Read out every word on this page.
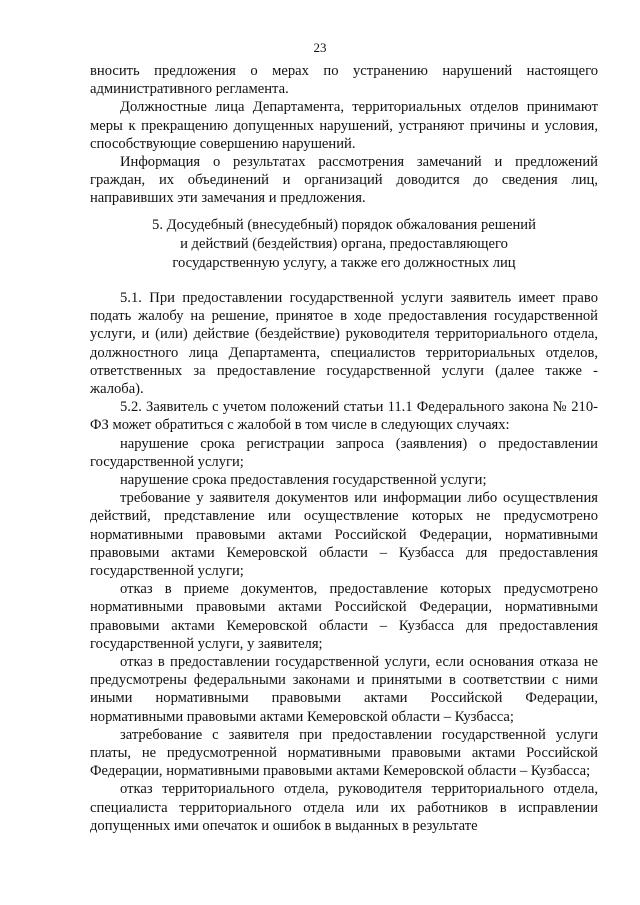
23

вносить предложения о мерах по устранению нарушений настоящего административного регламента.

Должностные лица Департамента, территориальных отделов принимают меры к прекращению допущенных нарушений, устраняют причины и условия, способствующие совершению нарушений.

Информация о результатах рассмотрения замечаний и предложений граждан, их объединений и организаций доводится до сведения лиц, направивших эти замечания и предложения.

5. Досудебный (внесудебный) порядок обжалования решений
и действий (бездействия) органа, предоставляющего
государственную услугу, а также его должностных лиц

5.1. При предоставлении государственной услуги заявитель имеет право подать жалобу на решение, принятое в ходе предоставления государственной услуги, и (или) действие (бездействие) руководителя территориального отдела, должностного лица Департамента, специалистов территориальных отделов, ответственных за предоставление государственной услуги (далее также - жалоба).

5.2. Заявитель с учетом положений статьи 11.1 Федерального закона № 210-ФЗ может обратиться с жалобой в том числе в следующих случаях:

нарушение срока регистрации запроса (заявления) о предоставлении государственной услуги;

нарушение срока предоставления государственной услуги;

требование у заявителя документов или информации либо осуществления действий, представление или осуществление которых не предусмотрено нормативными правовыми актами Российской Федерации, нормативными правовыми актами Кемеровской области – Кузбасса для предоставления государственной услуги;

отказ в приеме документов, предоставление которых предусмотрено нормативными правовыми актами Российской Федерации, нормативными правовыми актами Кемеровской области – Кузбасса для предоставления государственной услуги, у заявителя;

отказ в предоставлении государственной услуги, если основания отказа не предусмотрены федеральными законами и принятыми в соответствии с ними иными нормативными правовыми актами Российской Федерации, нормативными правовыми актами Кемеровской области – Кузбасса;

затребование с заявителя при предоставлении государственной услуги платы, не предусмотренной нормативными правовыми актами Российской Федерации, нормативными правовыми актами Кемеровской области – Кузбасса;

отказ территориального отдела, руководителя территориального отдела, специалиста территориального отдела или их работников в исправлении допущенных ими опечаток и ошибок в выданных в результате
